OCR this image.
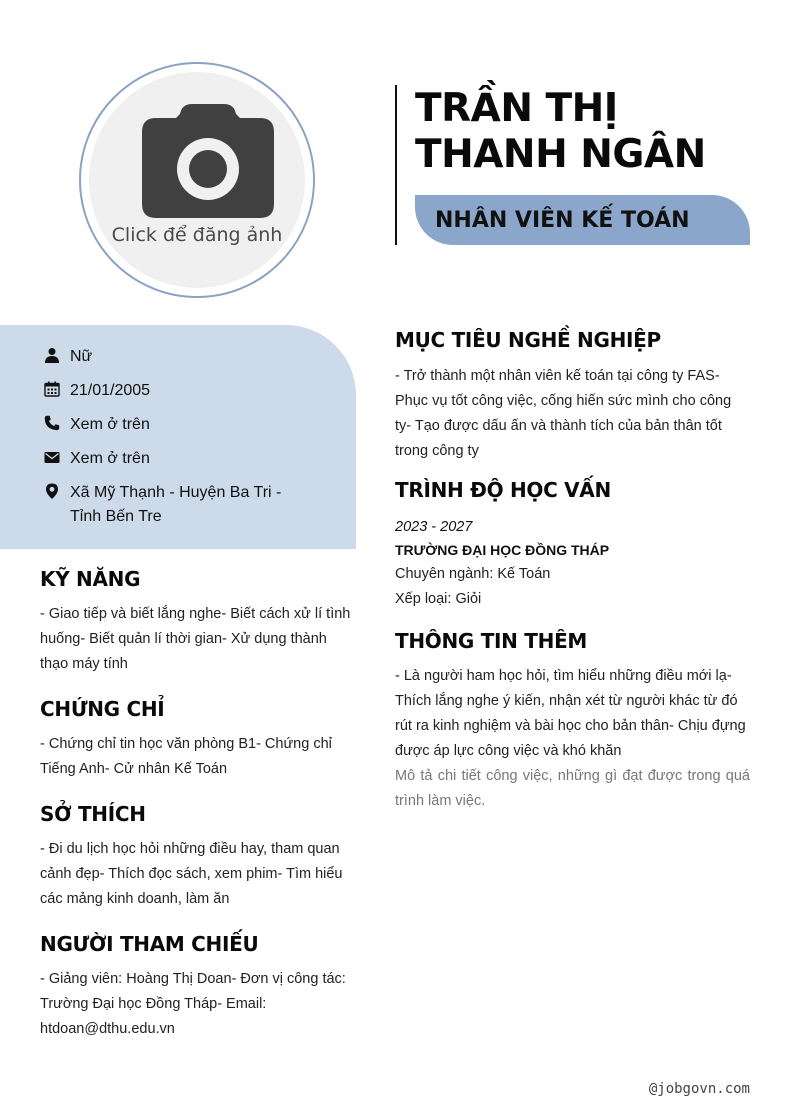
Click để đăng ảnh
TRẦN THỊ THANH NGÂN
NHÂN VIÊN KẾ TOÁN
Nữ
21/01/2005
Xem ở trên
Xem ở trên
Xã Mỹ Thạnh - Huyện Ba Tri -
Tỉnh Bến Tre
KỸ NĂNG
- Giao tiếp và biết lắng nghe- Biết cách xử lí tình huống- Biết quản lí thời gian- Xử dụng thành thạo máy tính
CHỨNG CHỈ
- Chứng chỉ tin học văn phòng B1- Chứng chỉ Tiếng Anh- Cử nhân Kế Toán
SỞ THÍCH
- Đi du lịch học hỏi những điều hay, tham quan cảnh đẹp- Thích đọc sách, xem phim- Tìm hiểu các mảng kinh doanh, làm ăn
NGƯỜI THAM CHIẾU
- Giảng viên: Hoàng Thị Doan- Đơn vị công tác:
Trường Đại học Đồng Tháp- Email:
htdoan@dthu.edu.vn
MỤC TIÊU NGHỀ NGHIỆP
- Trở thành một nhân viên kế toán tại công ty FAS- Phục vụ tốt công việc, cống hiến sức mình cho công ty- Tạo được dấu ấn và thành tích của bản thân tốt trong công ty
TRÌNH ĐỘ HỌC VẤN
2023 - 2027
TRƯỜNG ĐẠI HỌC ĐỒNG THÁP
Chuyên ngành: Kế Toán
Xếp loại: Giỏi
THÔNG TIN THÊM
- Là người ham học hỏi, tìm hiểu những điều mới lạ- Thích lắng nghe ý kiến, nhận xét từ người khác từ đó rút ra kinh nghiệm và bài học cho bản thân- Chịu đựng được áp lực công việc và khó khăn
Mô tả chi tiết công việc, những gì đạt được trong quá trình làm việc.
@jobgovn.com
